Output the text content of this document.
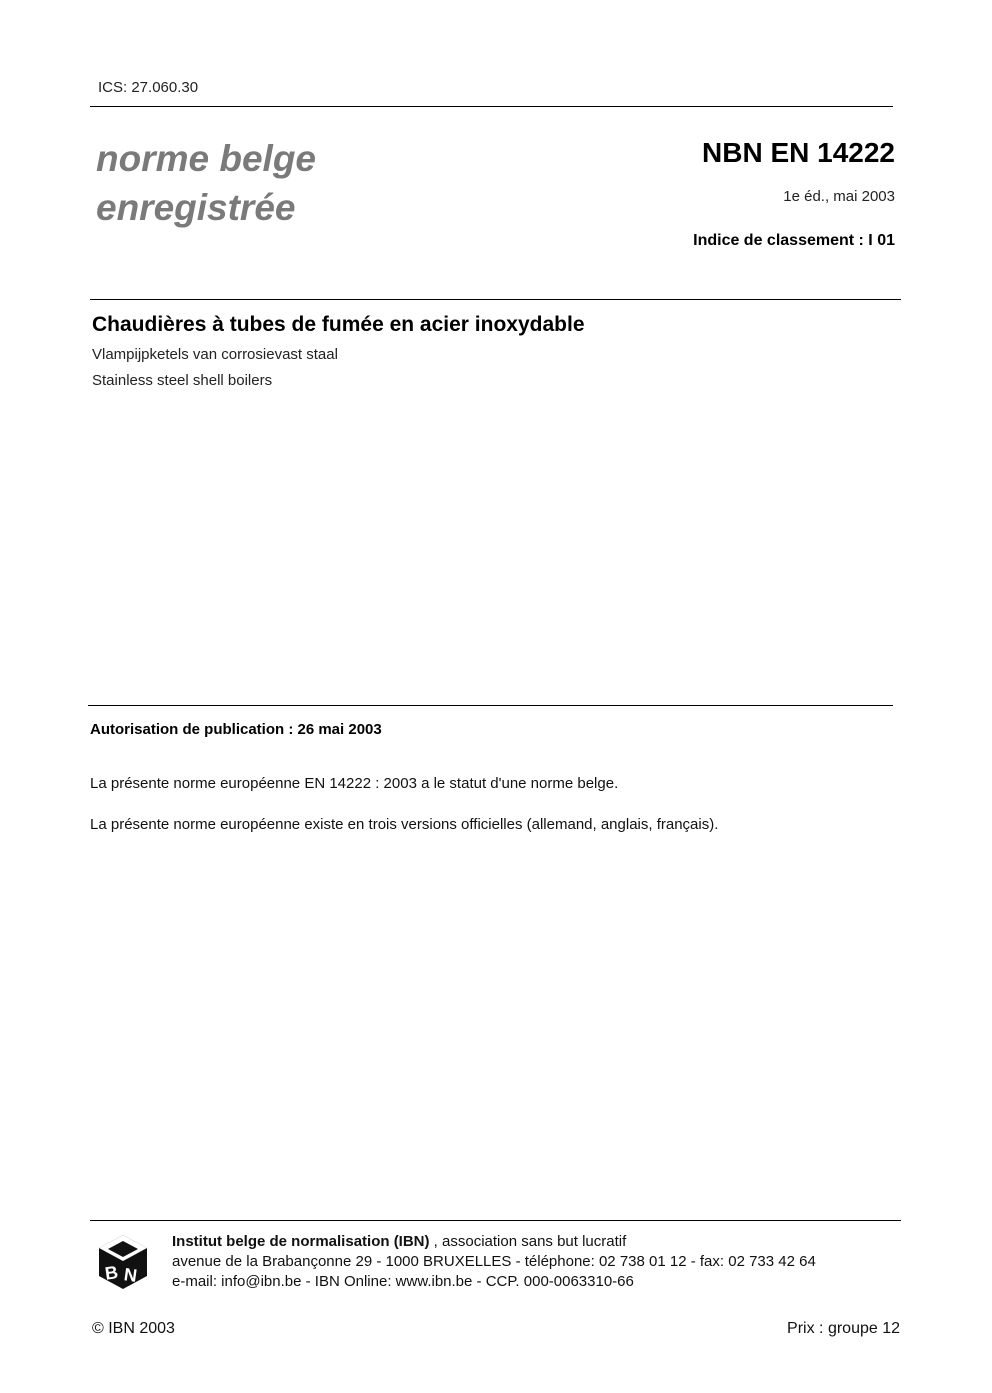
ICS: 27.060.30
norme belge
enregistrée
NBN EN 14222
1e éd., mai 2003
Indice de classement : I 01
Chaudières à tubes de fumée en acier inoxydable
Vlampijpketels van corrosievast staal
Stainless steel shell boilers
Autorisation de publication : 26 mai 2003
La présente norme européenne EN 14222 : 2003 a le statut d'une norme belge.
La présente norme européenne existe en trois versions officielles (allemand, anglais, français).
B N
Institut belge de normalisation (IBN) , association sans but lucratif
avenue de la Brabançonne 29 - 1000 BRUXELLES - téléphone: 02 738 01 12 - fax: 02 733 42 64
e-mail: info@ibn.be - IBN Online: www.ibn.be - CCP. 000-0063310-66
© IBN 2003	Prix : groupe 12
